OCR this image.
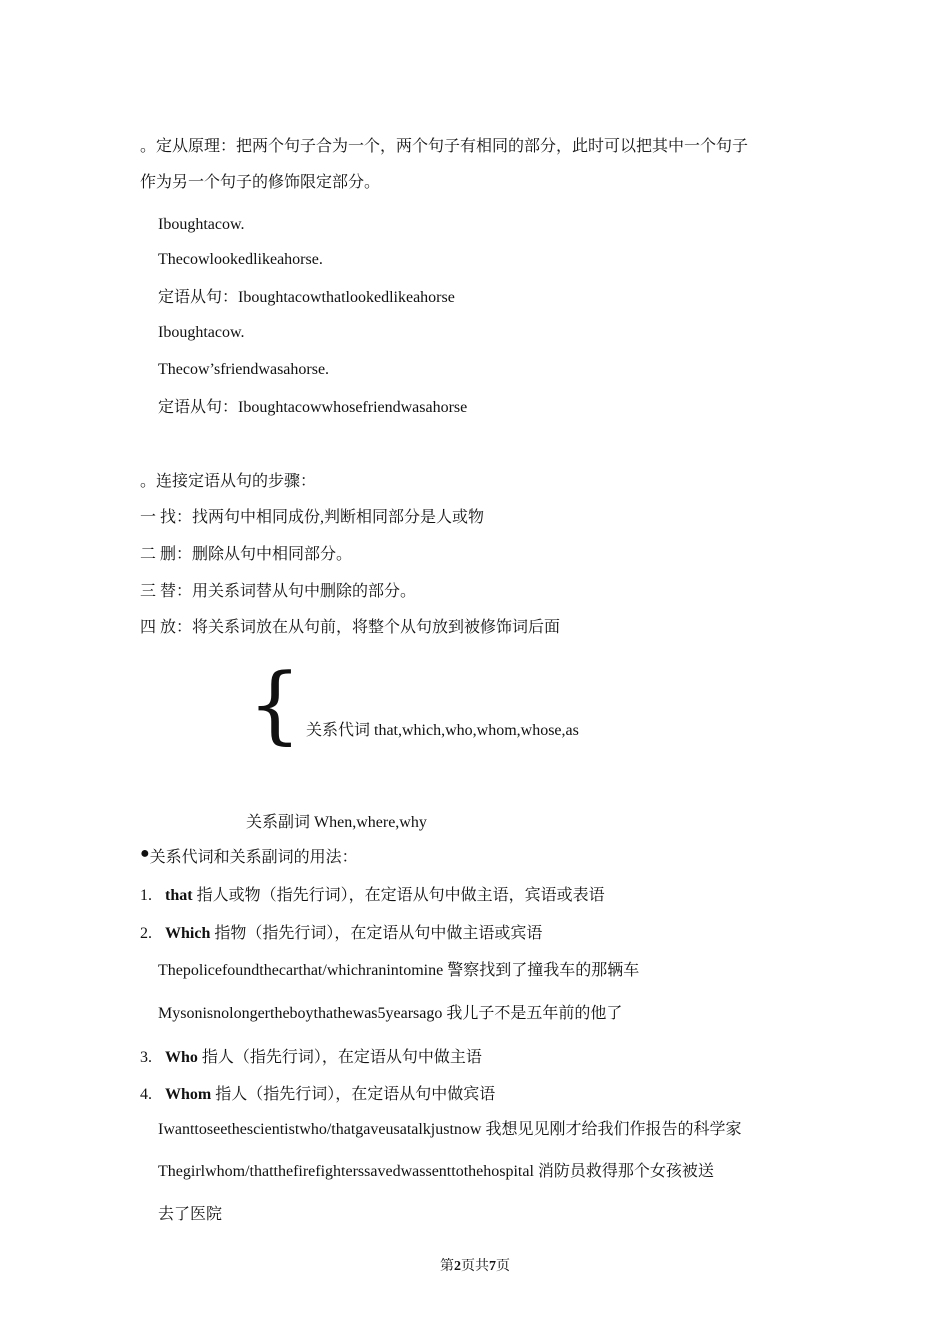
。定从原理：把两个句子合为一个，两个句子有相同的部分，此时可以把其中一个句子
作为另一个句子的修饰限定部分。
Iboughtacow.
Thecowlookedlikeahorse.
定语从句：Iboughtacowthatlookedlikeahorse
Iboughtacow.
Thecow’sfriendwasahorse.
定语从句：Iboughtacowwhosefriendwasahorse
。连接定语从句的步骤：
一 找：找两句中相同成份,判断相同部分是人或物
二 删：删除从句中相同部分。
三 替：用关系词替从句中删除的部分。
四 放：将关系词放在从句前，将整个从句放到被修饰词后面
{ 关系代词 that,which,who,whom,whose,as
关系副词 When,where,why
●关系代词和关系副词的用法：
1. that 指人或物（指先行词），在定语从句中做主语，宾语或表语
2. Which 指物（指先行词），在定语从句中做主语或宾语
Thepolicefoundthecarthat/whichranintomine 警察找到了撞我车的那辆车
Mysonisnolongertheboythathewas5yearsago 我儿子不是五年前的他了
3. Who 指人（指先行词），在定语从句中做主语
4. Whom 指人（指先行词），在定语从句中做宾语
Iwanttoseethescientistwho/thatgaveusatalkjustnow 我想见见刚才给我们作报告的科学家
Thegirlwhom/thatthefirefighterssavedwassenttothehospital 消防员救得那个女孩被送
去了医院
第2页共7页
